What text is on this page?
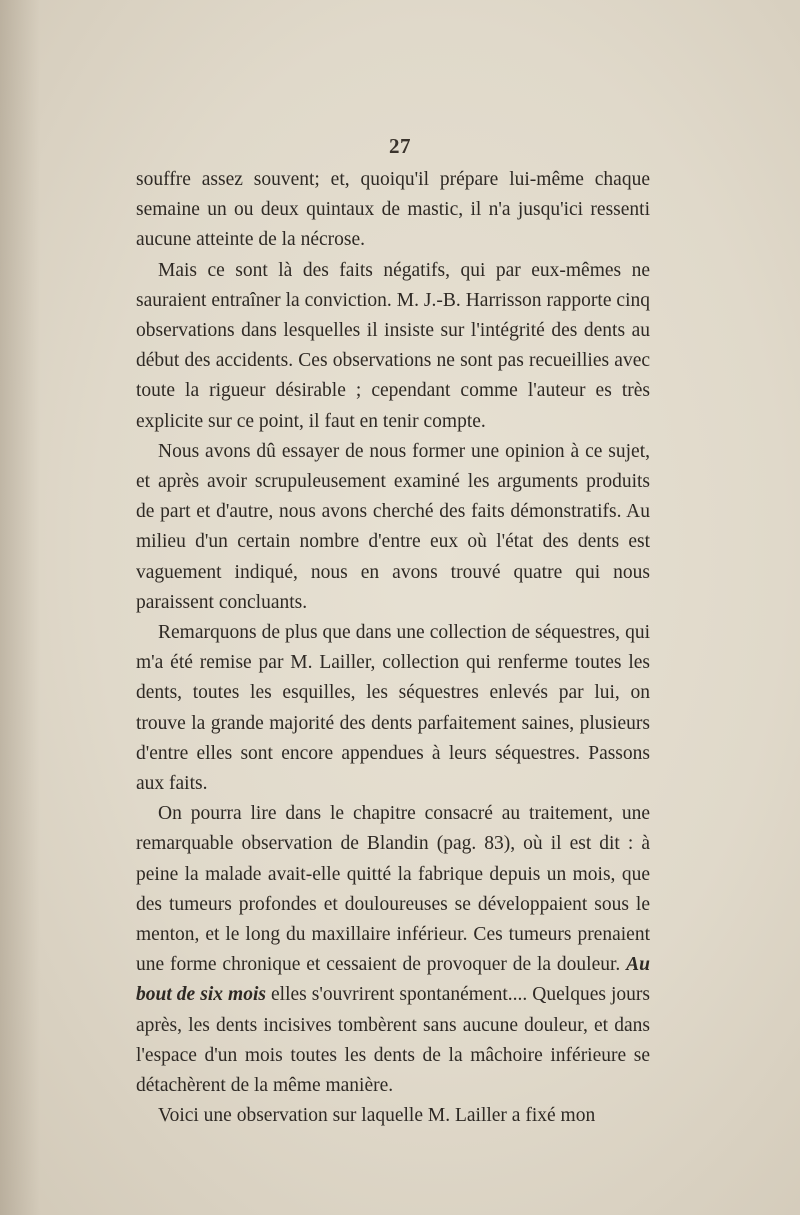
27

souffre assez souvent; et, quoiqu'il prépare lui-même chaque semaine un ou deux quintaux de mastic, il n'a jusqu'ici ressenti aucune atteinte de la nécrose.

Mais ce sont là des faits négatifs, qui par eux-mêmes ne sauraient entraîner la conviction. M. J.-B. Harrisson rapporte cinq observations dans lesquelles il insiste sur l'intégrité des dents au début des accidents. Ces observations ne sont pas recueillies avec toute la rigueur désirable ; cependant comme l'auteur es très explicite sur ce point, il faut en tenir compte.

Nous avons dû essayer de nous former une opinion à ce sujet, et après avoir scrupuleusement examiné les arguments produits de part et d'autre, nous avons cherché des faits démonstratifs. Au milieu d'un certain nombre d'entre eux où l'état des dents est vaguement indiqué, nous en avons trouvé quatre qui nous paraissent concluants.

Remarquons de plus que dans une collection de séquestres, qui m'a été remise par M. Lailler, collection qui renferme toutes les dents, toutes les esquilles, les séquestres enlevés par lui, on trouve la grande majorité des dents parfaitement saines, plusieurs d'entre elles sont encore appendues à leurs séquestres. Passons aux faits.

On pourra lire dans le chapitre consacré au traitement, une remarquable observation de Blandin (pag. 83), où il est dit : à peine la malade avait-elle quitté la fabrique depuis un mois, que des tumeurs profondes et douloureuses se développaient sous le menton, et le long du maxillaire inférieur. Ces tumeurs prenaient une forme chronique et cessaient de provoquer de la douleur. Au bout de six mois elles s'ouvrirent spontanément.... Quelques jours après, les dents incisives tombèrent sans aucune douleur, et dans l'espace d'un mois toutes les dents de la mâchoire inférieure se détachèrent de la même manière.

Voici une observation sur laquelle M. Lailler a fixé mon
